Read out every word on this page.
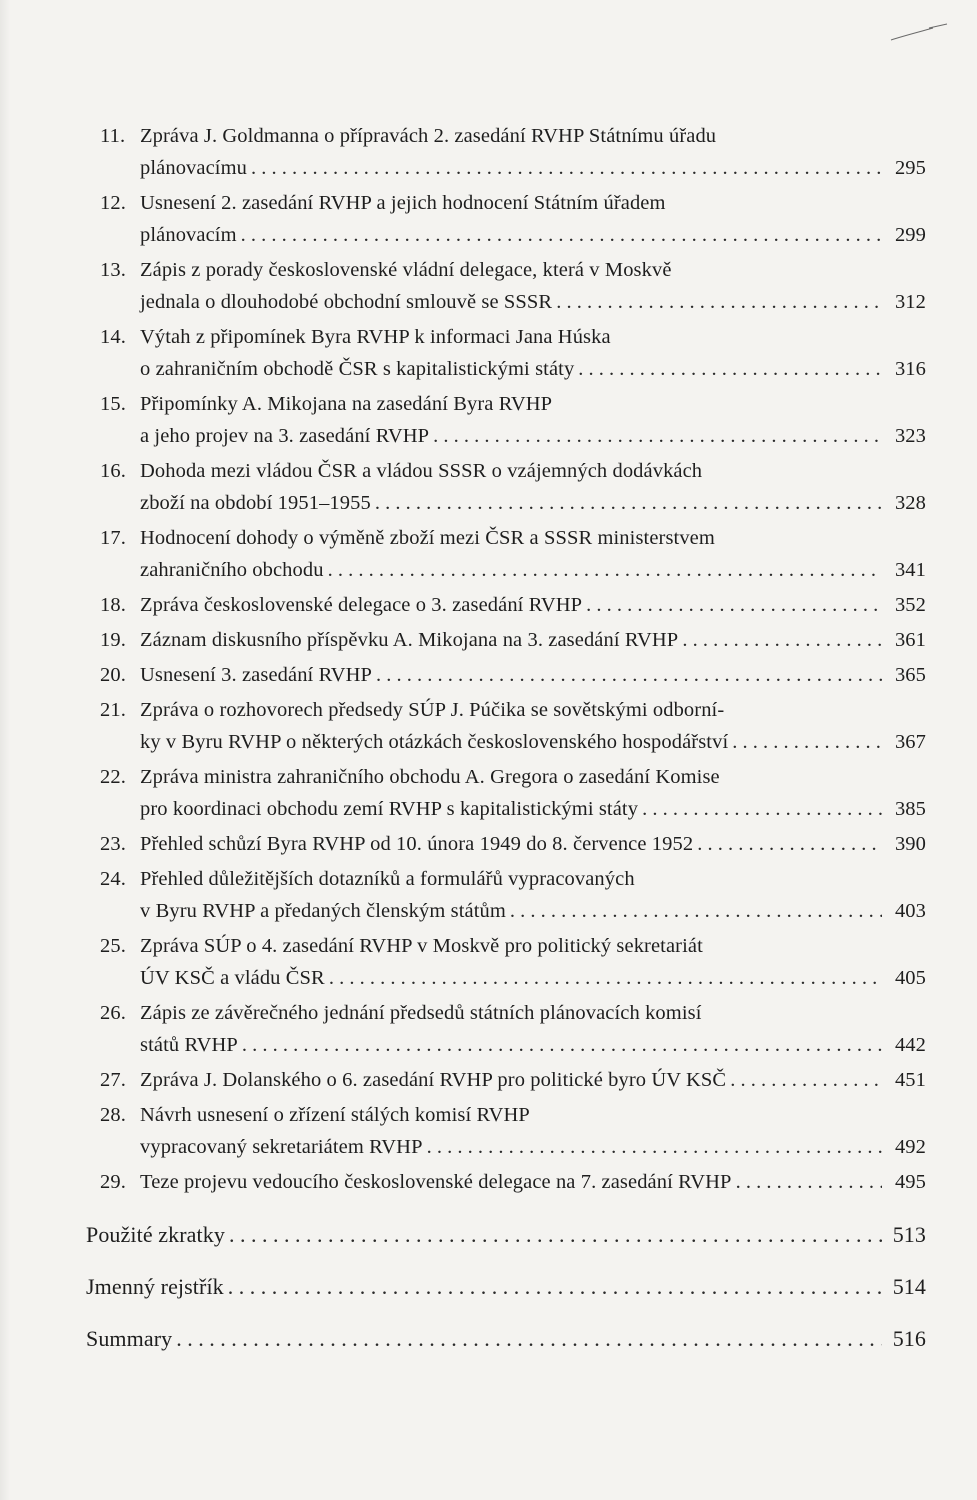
11. Zpráva J. Goldmanna o přípravách 2. zasedání RVHP Státnímu úřadu
plánovacímu . . .	295
12. Usnesení 2. zasedání RVHP a jejich hodnocení Státním úřadem
plánovacím . . .	299
13. Zápis z porady československé vládní delegace, která v Moskvě
jednala o dlouhodobé obchodní smlouvě se SSSR . . .	312
14. Výtah z připomínek Byra RVHP k informaci Jana Húska
o zahraničním obchodě ČSR s kapitalistickými státy . . .	316
15. Připomínky A. Mikojana na zasedání Byra RVHP
a jeho projev na 3. zasedání RVHP . . .	323
16. Dohoda mezi vládou ČSR a vládou SSSR o vzájemných dodávkách
zboží na období 1951–1955 . . .	328
17. Hodnocení dohody o výměně zboží mezi ČSR a SSSR ministerstvem
zahraničního obchodu . . .	341
18. Zpráva československé delegace o 3. zasedání RVHP . . .	352
19. Záznam diskusního příspěvku A. Mikojana na 3. zasedání RVHP . . .	361
20. Usnesení 3. zasedání RVHP . . .	365
21. Zpráva o rozhovorech předsedy SÚP J. Púčika se sovětskými odborní-
ky v Byru RVHP o některých otázkách československého hospodářství . . .	367
22. Zpráva ministra zahraničního obchodu A. Gregora o zasedání Komise
pro koordinaci obchodu zemí RVHP s kapitalistickými státy . . .	385
23. Přehled schůzí Byra RVHP od 10. února 1949 do 8. července 1952 . . .	390
24. Přehled důležitějších dotazníků a formulářů vypracovaných
v Byru RVHP a předaných členským státům . . .	403
25. Zpráva SÚP o 4. zasedání RVHP v Moskvě pro politický sekretariát
ÚV KSČ a vládu ČSR . . .	405
26. Zápis ze závěrečného jednání předsedů státních plánovacích komisí
států RVHP . . .	442
27. Zpráva J. Dolanského o 6. zasedání RVHP pro politické byro ÚV KSČ . . .	451
28. Návrh usnesení o zřízení stálých komisí RVHP
vypracovaný sekretariátem RVHP . . .	492
29. Teze projevu vedoucího československé delegace na 7. zasedání RVHP . . .	495
Použité zkratky . . .	513
Jmenný rejstřík . . .	514
Summary . . .	516
